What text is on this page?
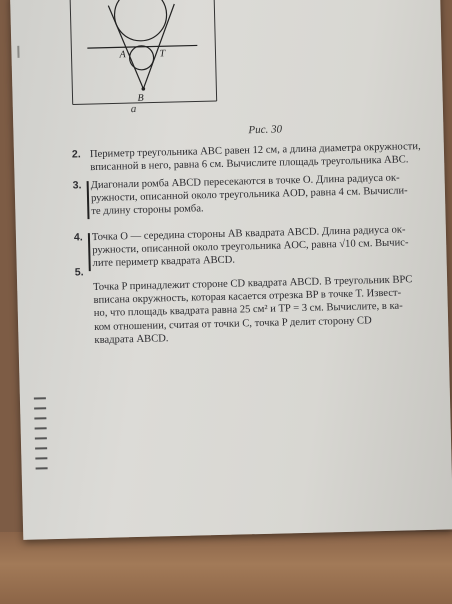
A	T
B
а
Рис. 30
2. Периметр треугольника ABC равен 12 см, а длина диаметра окружности,
вписанной в него, равна 6 см. Вычислите площадь треугольника ABC.
3. Диагонали ромба ABCD пересекаются в точке O. Длина радиуса ок-
ружности, описанной около треугольника AOD, равна 4 см. Вычисли-
те длину стороны ромба.
4. Точка O — середина стороны AB квадрата ABCD. Длина радиуса ок-
ружности, описанной около треугольника AOC, равна √10 см. Вычис-
лите периметр квадрата ABCD.
5.
Точка P принадлежит стороне CD квадрата ABCD. В треугольник BPC
вписана окружность, которая касается отрезка BP в точке T. Извест-
но, что площадь квадрата равна 25 см² и TP = 3 см. Вычислите, в ка-
ком отношении, считая от точки C, точка P делит сторону CD
квадрата ABCD.
